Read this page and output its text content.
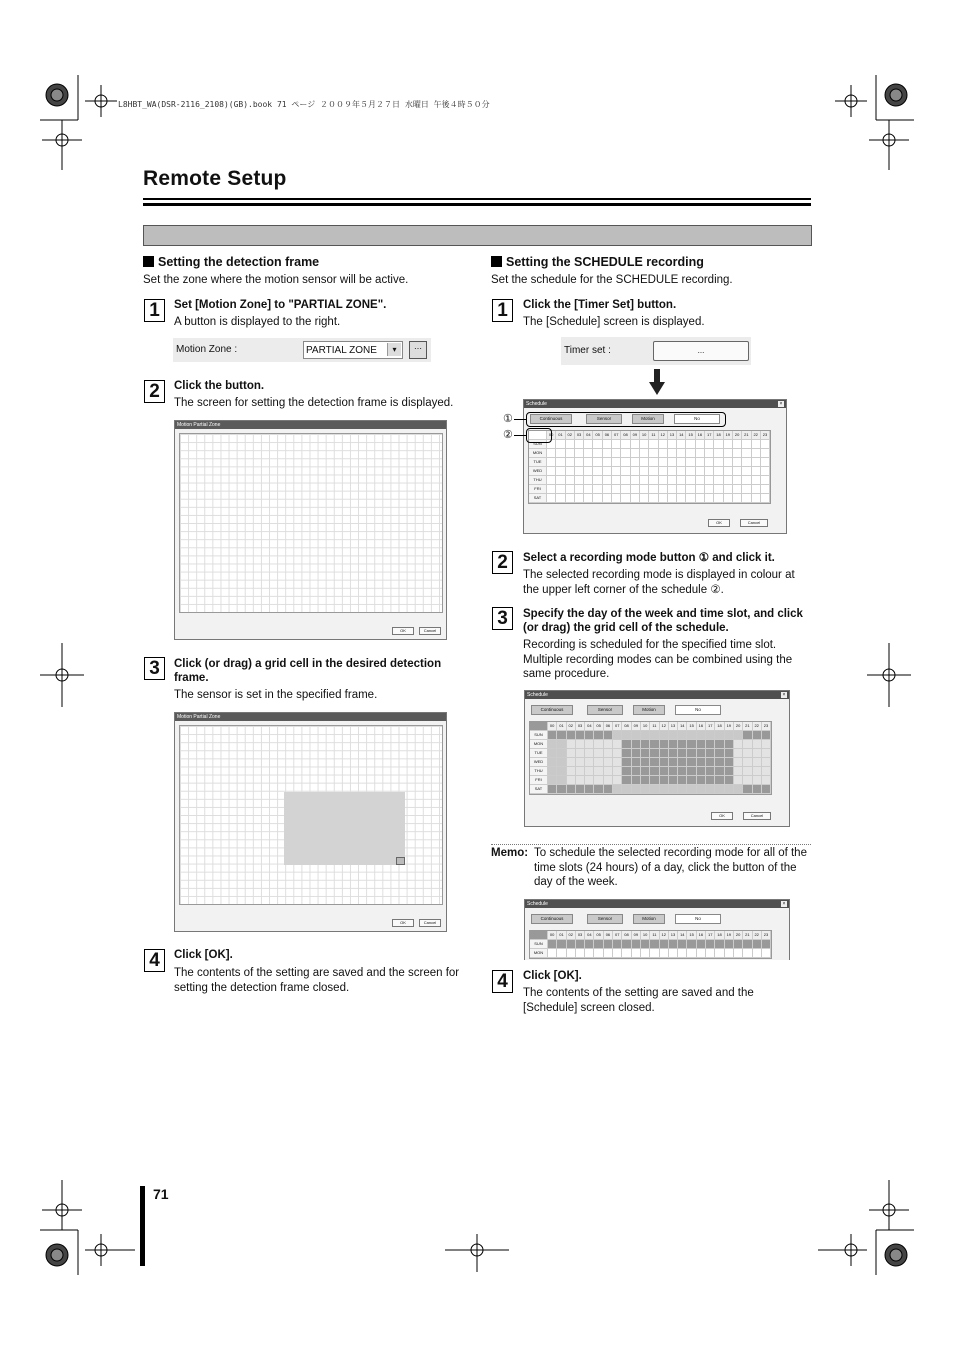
L8HBT_WA(DSR-2116_2108)(GB).book 71 ページ ２００９年５月２７日 水曜日 午後４時５０分
Remote Setup
Setting the detection frame
Set the zone where the motion sensor will be active.
1	Set [Motion Zone] to "PARTIAL ZONE".
A button is displayed to the right.
Motion Zone :	PARTIAL ZONE	▾	⋯
2	Click the button.
The screen for setting the detection frame is displayed.
Motion Partial Zone
OK	Cancel
3	Click (or drag) a grid cell in the desired detection frame.
The sensor is set in the specified frame.
Motion Partial Zone
OK	Cancel
4	Click [OK].
The contents of the setting are saved and the screen for setting the detection frame closed.
Setting the SCHEDULE recording
Set the schedule for the SCHEDULE recording.
1	Click the [Timer Set] button.
The [Schedule] screen is displayed.
Timer set :	...
Schedule	×
Continuous	Sensor	Motion	No
00	01	02	03	04	05	06	07	08	09	10	11	12	13	14	15	16	17	18	19	20	21	22	23
SUN
MON
TUE
WED
THU
FRI
SAT
OK	Cancel
①
②
2	Select a recording mode button ① and click it.
The selected recording mode is displayed in colour at the upper left corner of the schedule ②.
3	Specify the day of the week and time slot, and click (or drag) the grid cell of the schedule.
Recording is scheduled for the specified time slot. Multiple recording modes can be combined using the same procedure.
Schedule	×
Continuous	Sensor	Motion	No
00	01	02	03	04	05	06	07	08	09	10	11	12	13	14	15	16	17	18	19	20	21	22	23
SUN
MON
TUE
WED
THU
FRI
SAT
OK	Cancel
Memo: To schedule the selected recording mode for all of the time slots (24 hours) of a day, click the button of the day of the week.
Schedule	×
Continuous	Sensor	Motion	No
00	01	02	03	04	05	06	07	08	09	10	11	12	13	14	15	16	17	18	19	20	21	22	23
SUN
MON
4	Click [OK].
The contents of the setting are saved and the [Schedule] screen closed.
71
